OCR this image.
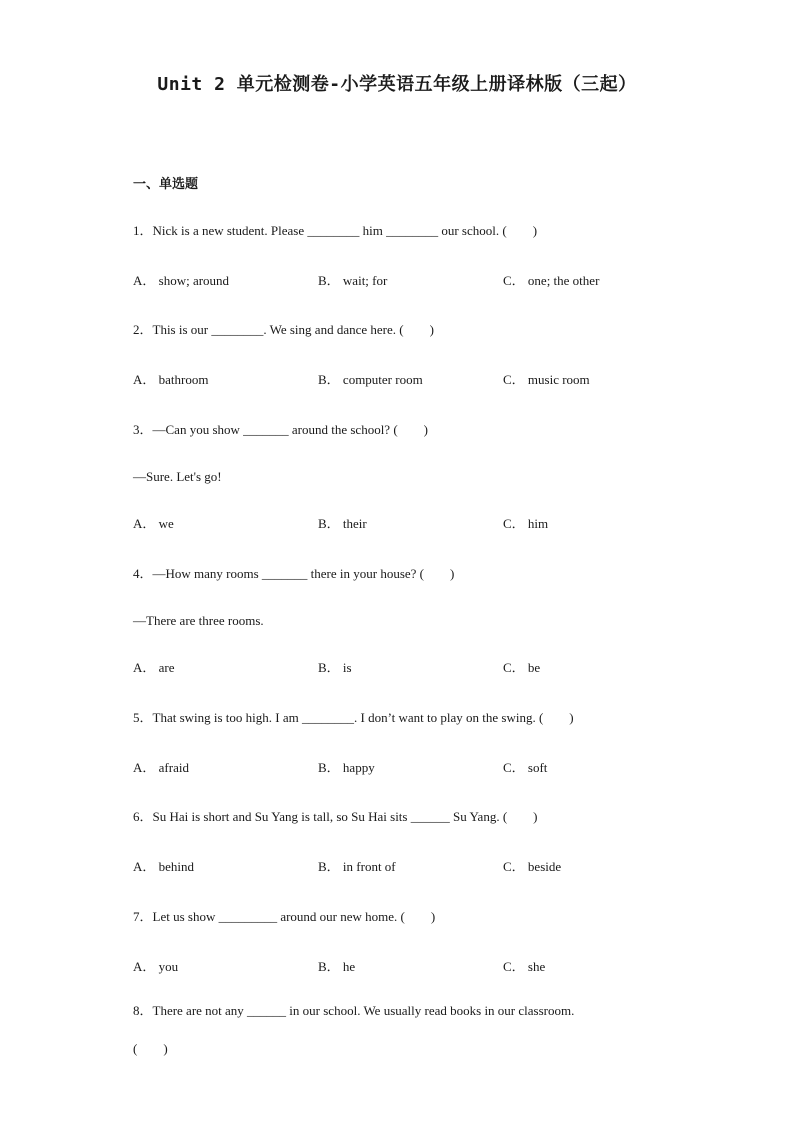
Unit 2 单元检测卷-小学英语五年级上册译林版（三起）
一、单选题
1．Nick is a new student. Please ________ him ________ our school. (　　)
A． show; around	B． wait; for	C． one; the other
2．This is our ________. We sing and dance here. (　　)
A． bathroom	B． computer room	C． music room
3．—Can you show _______ around the school? (　　)
—Sure. Let's go!
A． we	B． their	C． him
4．—How many rooms _______ there in your house? (　　)
—There are three rooms.
A． are	B． is	C． be
5．That swing is too high. I am ________. I don’t want to play on the swing. (　　)
A． afraid	B． happy	C． soft
6．Su Hai is short and Su Yang is tall, so Su Hai sits ______ Su Yang. (　　)
A． behind	B． in front of	C． beside
7．Let us show _________ around our new home. (　　)
A． you	B． he	C． she
8．There are not any ______ in our school. We usually read books in our classroom.
(　　)
